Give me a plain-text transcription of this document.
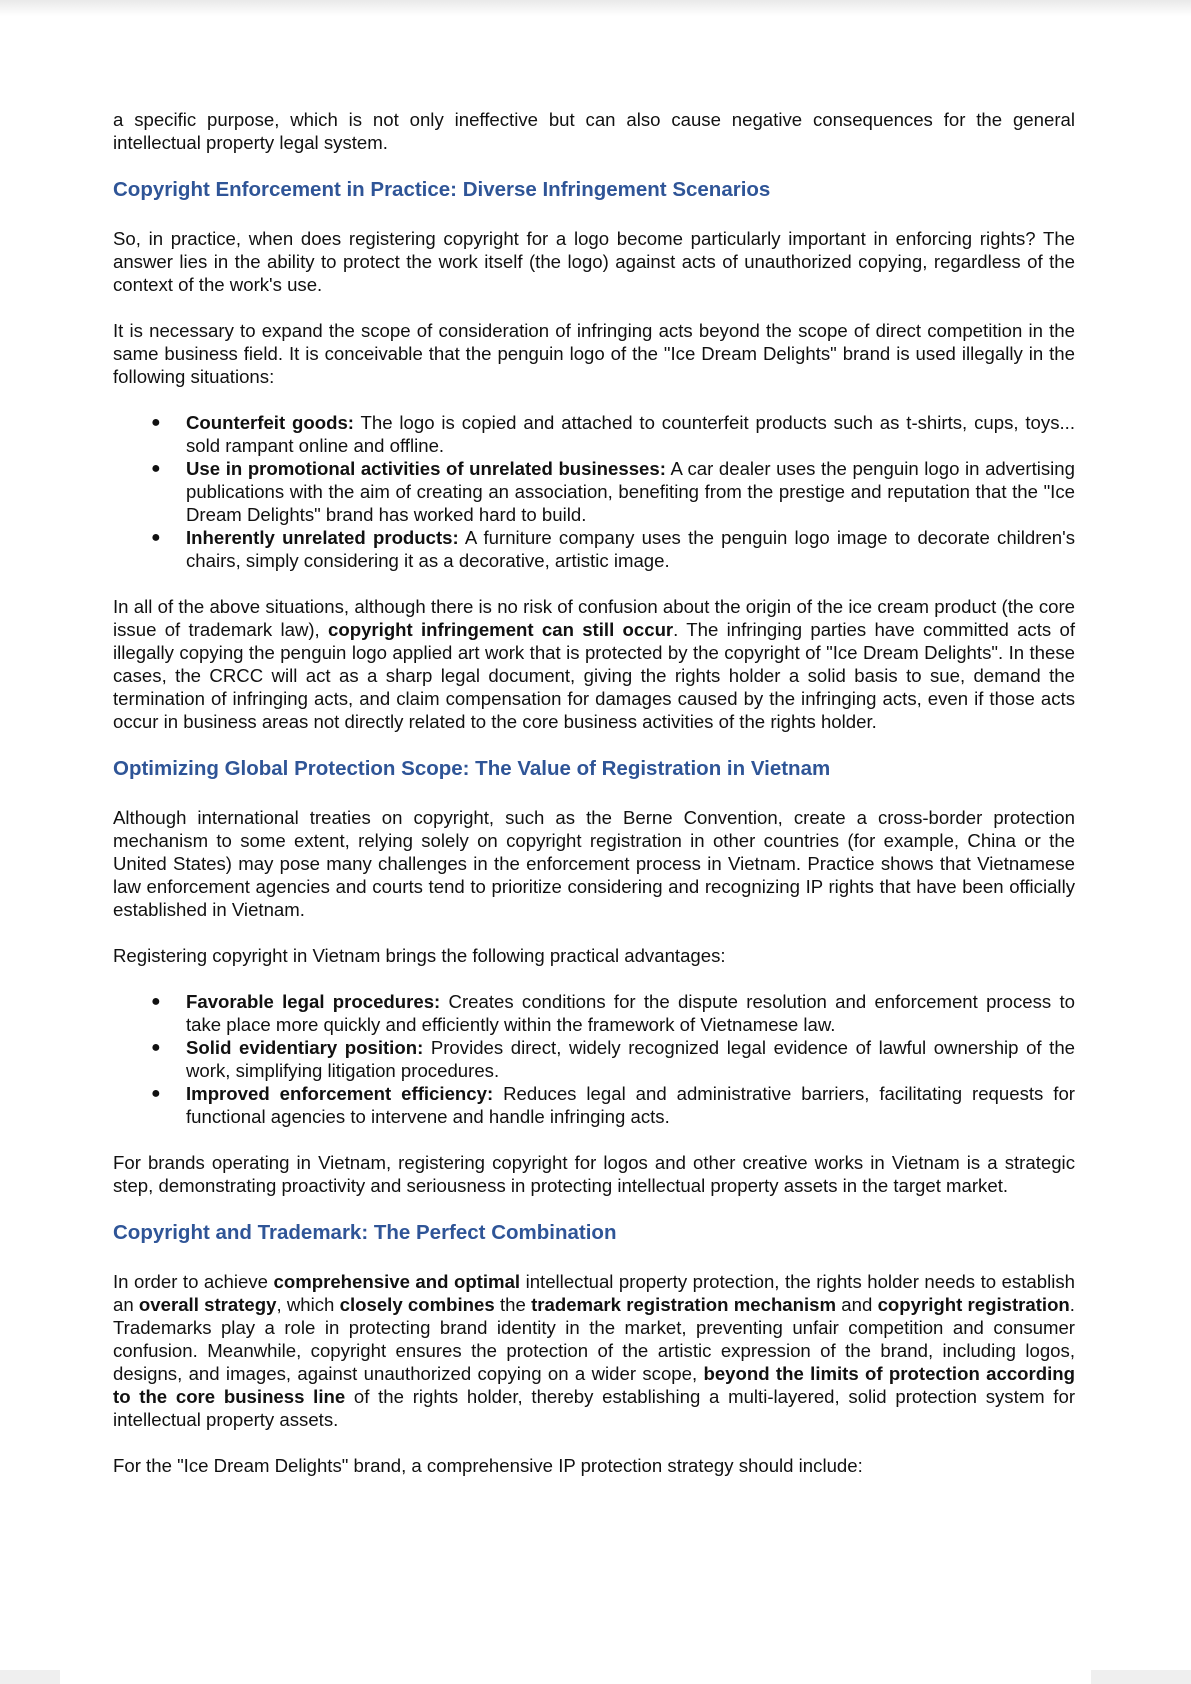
a specific purpose, which is not only ineffective but can also cause negative consequences for the general intellectual property legal system.

Copyright Enforcement in Practice: Diverse Infringement Scenarios

So, in practice, when does registering copyright for a logo become particularly important in enforcing rights? The answer lies in the ability to protect the work itself (the logo) against acts of unauthorized copying, regardless of the context of the work's use.

It is necessary to expand the scope of consideration of infringing acts beyond the scope of direct competition in the same business field. It is conceivable that the penguin logo of the "Ice Dream Delights" brand is used illegally in the following situations:

● Counterfeit goods: The logo is copied and attached to counterfeit products such as t-shirts, cups, toys... sold rampant online and offline.
● Use in promotional activities of unrelated businesses: A car dealer uses the penguin logo in advertising publications with the aim of creating an association, benefiting from the prestige and reputation that the "Ice Dream Delights" brand has worked hard to build.
● Inherently unrelated products: A furniture company uses the penguin logo image to decorate children's chairs, simply considering it as a decorative, artistic image.

In all of the above situations, although there is no risk of confusion about the origin of the ice cream product (the core issue of trademark law), copyright infringement can still occur. The infringing parties have committed acts of illegally copying the penguin logo applied art work that is protected by the copyright of "Ice Dream Delights". In these cases, the CRCC will act as a sharp legal document, giving the rights holder a solid basis to sue, demand the termination of infringing acts, and claim compensation for damages caused by the infringing acts, even if those acts occur in business areas not directly related to the core business activities of the rights holder.

Optimizing Global Protection Scope: The Value of Registration in Vietnam

Although international treaties on copyright, such as the Berne Convention, create a cross-border protection mechanism to some extent, relying solely on copyright registration in other countries (for example, China or the United States) may pose many challenges in the enforcement process in Vietnam. Practice shows that Vietnamese law enforcement agencies and courts tend to prioritize considering and recognizing IP rights that have been officially established in Vietnam.

Registering copyright in Vietnam brings the following practical advantages:

● Favorable legal procedures: Creates conditions for the dispute resolution and enforcement process to take place more quickly and efficiently within the framework of Vietnamese law.
● Solid evidentiary position: Provides direct, widely recognized legal evidence of lawful ownership of the work, simplifying litigation procedures.
● Improved enforcement efficiency: Reduces legal and administrative barriers, facilitating requests for functional agencies to intervene and handle infringing acts.

For brands operating in Vietnam, registering copyright for logos and other creative works in Vietnam is a strategic step, demonstrating proactivity and seriousness in protecting intellectual property assets in the target market.

Copyright and Trademark: The Perfect Combination

In order to achieve comprehensive and optimal intellectual property protection, the rights holder needs to establish an overall strategy, which closely combines the trademark registration mechanism and copyright registration. Trademarks play a role in protecting brand identity in the market, preventing unfair competition and consumer confusion. Meanwhile, copyright ensures the protection of the artistic expression of the brand, including logos, designs, and images, against unauthorized copying on a wider scope, beyond the limits of protection according to the core business line of the rights holder, thereby establishing a multi-layered, solid protection system for intellectual property assets.

For the "Ice Dream Delights" brand, a comprehensive IP protection strategy should include:
